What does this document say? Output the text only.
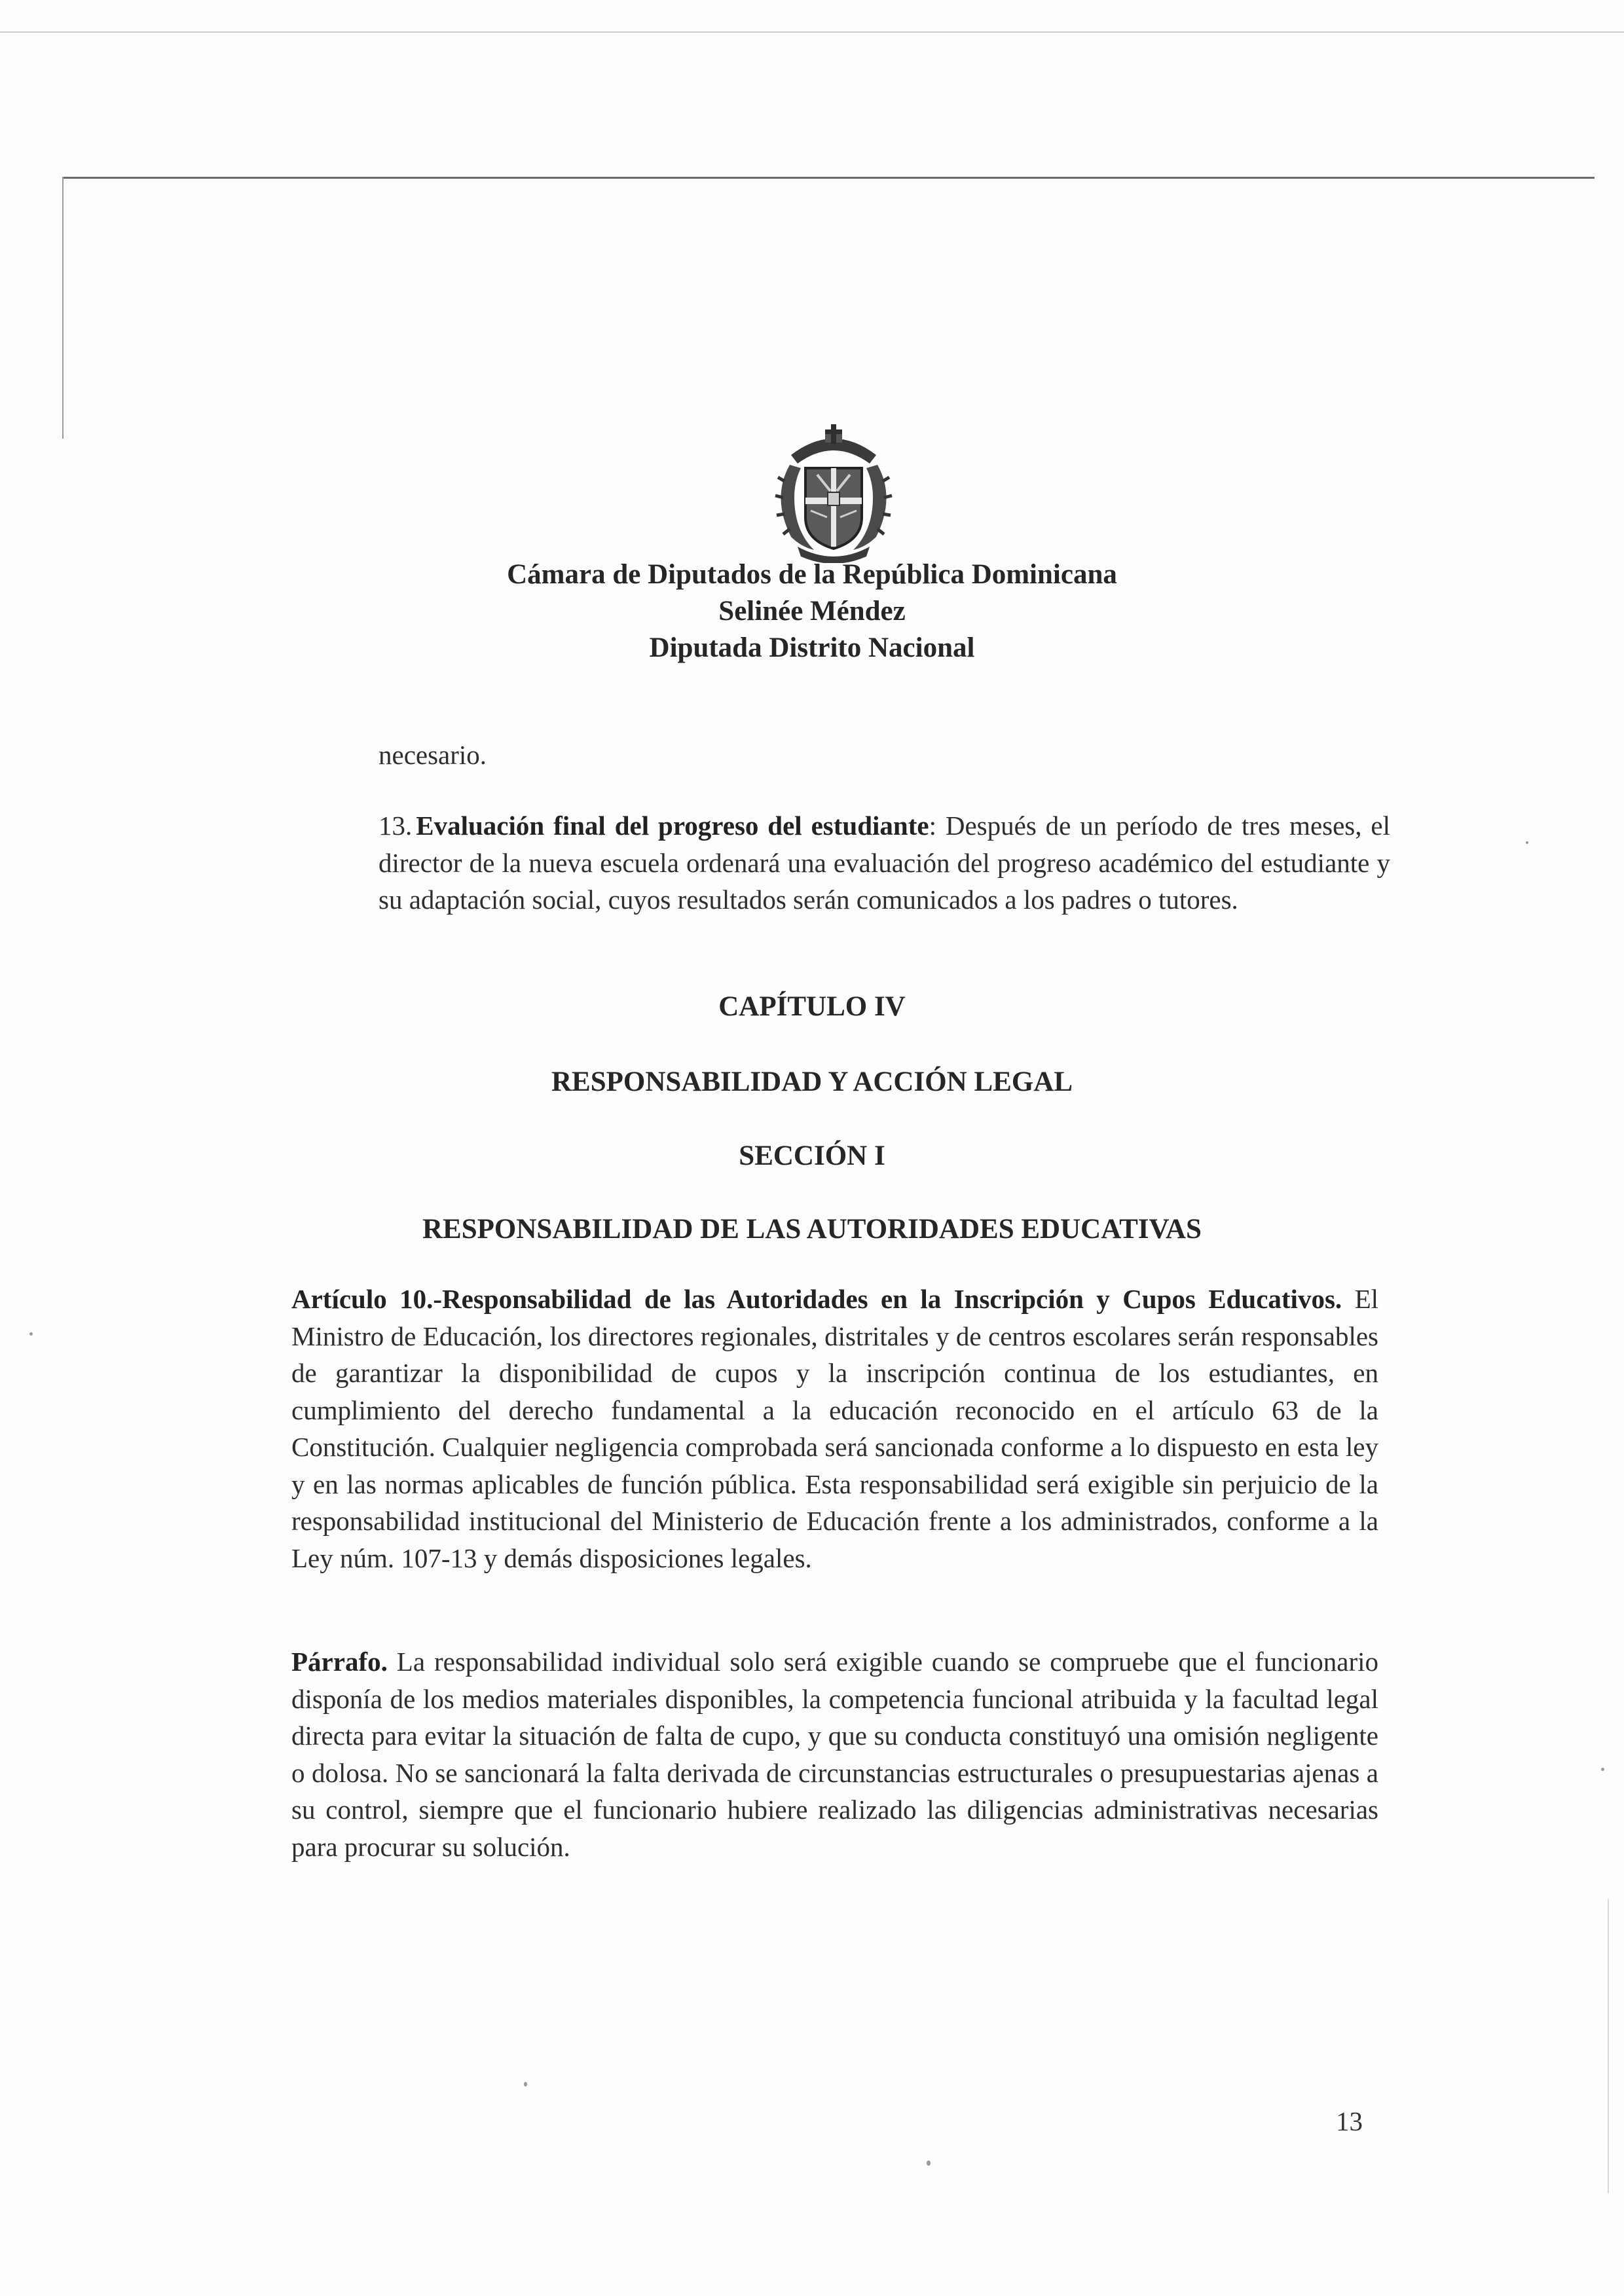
Cámara de Diputados de la República Dominicana
Selinée Méndez
Diputada Distrito Nacional
necesario.
13. Evaluación final del progreso del estudiante: Después de un período de tres meses, el director de la nueva escuela ordenará una evaluación del progreso académico del estudiante y su adaptación social, cuyos resultados serán comunicados a los padres o tutores.
CAPÍTULO IV
RESPONSABILIDAD Y ACCIÓN LEGAL
SECCIÓN I
RESPONSABILIDAD DE LAS AUTORIDADES EDUCATIVAS
Artículo 10.-Responsabilidad de las Autoridades en la Inscripción y Cupos Educativos. El Ministro de Educación, los directores regionales, distritales y de centros escolares serán responsables de garantizar la disponibilidad de cupos y la inscripción continua de los estudiantes, en cumplimiento del derecho fundamental a la educación reconocido en el artículo 63 de la Constitución. Cualquier negligencia comprobada será sancionada conforme a lo dispuesto en esta ley y en las normas aplicables de función pública. Esta responsabilidad será exigible sin perjuicio de la responsabilidad institucional del Ministerio de Educación frente a los administrados, conforme a la Ley núm. 107-13 y demás disposiciones legales.
Párrafo. La responsabilidad individual solo será exigible cuando se compruebe que el funcionario disponía de los medios materiales disponibles, la competencia funcional atribuida y la facultad legal directa para evitar la situación de falta de cupo, y que su conducta constituyó una omisión negligente o dolosa. No se sancionará la falta derivada de circunstancias estructurales o presupuestarias ajenas a su control, siempre que el funcionario hubiere realizado las diligencias administrativas necesarias para procurar su solución.
13
